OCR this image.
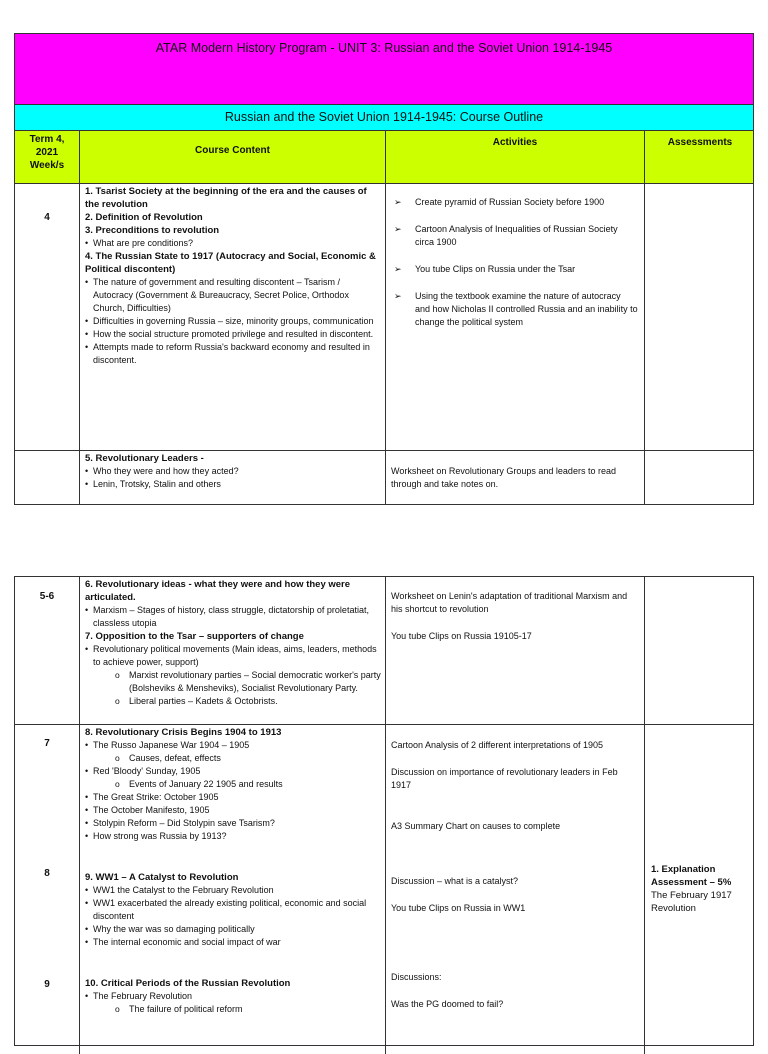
ATAR Modern History Program - UNIT 3: Russian and the Soviet Union 1914-1945
Russian and the Soviet Union 1914-1945: Course Outline
Term 4, 2021 Week/s
Course Content
Activities	Assessments
4
1. Tsarist Society at the beginning of the era and the causes of the revolution
2. Definition of Revolution
3. Preconditions to revolution
• What are pre conditions?
4. The Russian State to 1917 (Autocracy and Social, Economic & Political discontent)
• The nature of government and resulting discontent – Tsarism / Autocracy (Government & Bureaucracy, Secret Police, Orthodox Church, Difficulties)
• Difficulties in governing Russia – size, minority groups, communication
• How the social structure promoted privilege and resulted in discontent.
• Attempts made to reform Russia's backward economy and resulted in discontent.
➢ Create pyramid of Russian Society before 1900
➢ Cartoon Analysis of Inequalities of Russian Society circa 1900
➢ You tube Clips on Russia under the Tsar
➢ Using the textbook examine the nature of autocracy and how Nicholas II controlled Russia and an inability to change the political system
5. Revolutionary Leaders -
• Who they were and how they acted?
• Lenin, Trotsky, Stalin and others
Worksheet on Revolutionary Groups and leaders to read through and take notes on.
5-6
6. Revolutionary ideas - what they were and how they were articulated.
• Marxism – Stages of history, class struggle, dictatorship of proletatiat, classless utopia
7. Opposition to the Tsar – supporters of change
• Revolutionary political movements (Main ideas, aims, leaders, methods to achieve power, support)
o Marxist revolutionary parties – Social democratic worker's party (Bolsheviks & Mensheviks), Socialist Revolutionary Party.
o Liberal parties – Kadets & Octobrists.
Worksheet on Lenin's adaptation of traditional Marxism and his shortcut to revolution
You tube Clips on Russia 19105-17
7
8
9
8. Revolutionary Crisis Begins 1904 to 1913
• The Russo Japanese War 1904 – 1905
o Causes, defeat, effects
• Red 'Bloody' Sunday, 1905
o Events of January 22 1905 and results
• The Great Strike: October 1905
• The October Manifesto, 1905
• Stolypin Reform – Did Stolypin save Tsarism?
• How strong was Russia by 1913?
9. WW1 – A Catalyst to Revolution
• WW1 the Catalyst to the February Revolution
• WW1 exacerbated the already existing political, economic and social discontent
• Why the war was so damaging politically
• The internal economic and social impact of war
10. Critical Periods of the Russian Revolution
• The February Revolution
o The failure of political reform
Cartoon Analysis of 2 different interpretations of 1905
Discussion on importance of revolutionary leaders in Feb 1917
A3 Summary Chart on causes to complete
Discussion – what is a catalyst?
You tube Clips on Russia in WW1
Discussions:
Was the PG doomed to fail?
1. Explanation Assessment – 5%
The February 1917 Revolution
